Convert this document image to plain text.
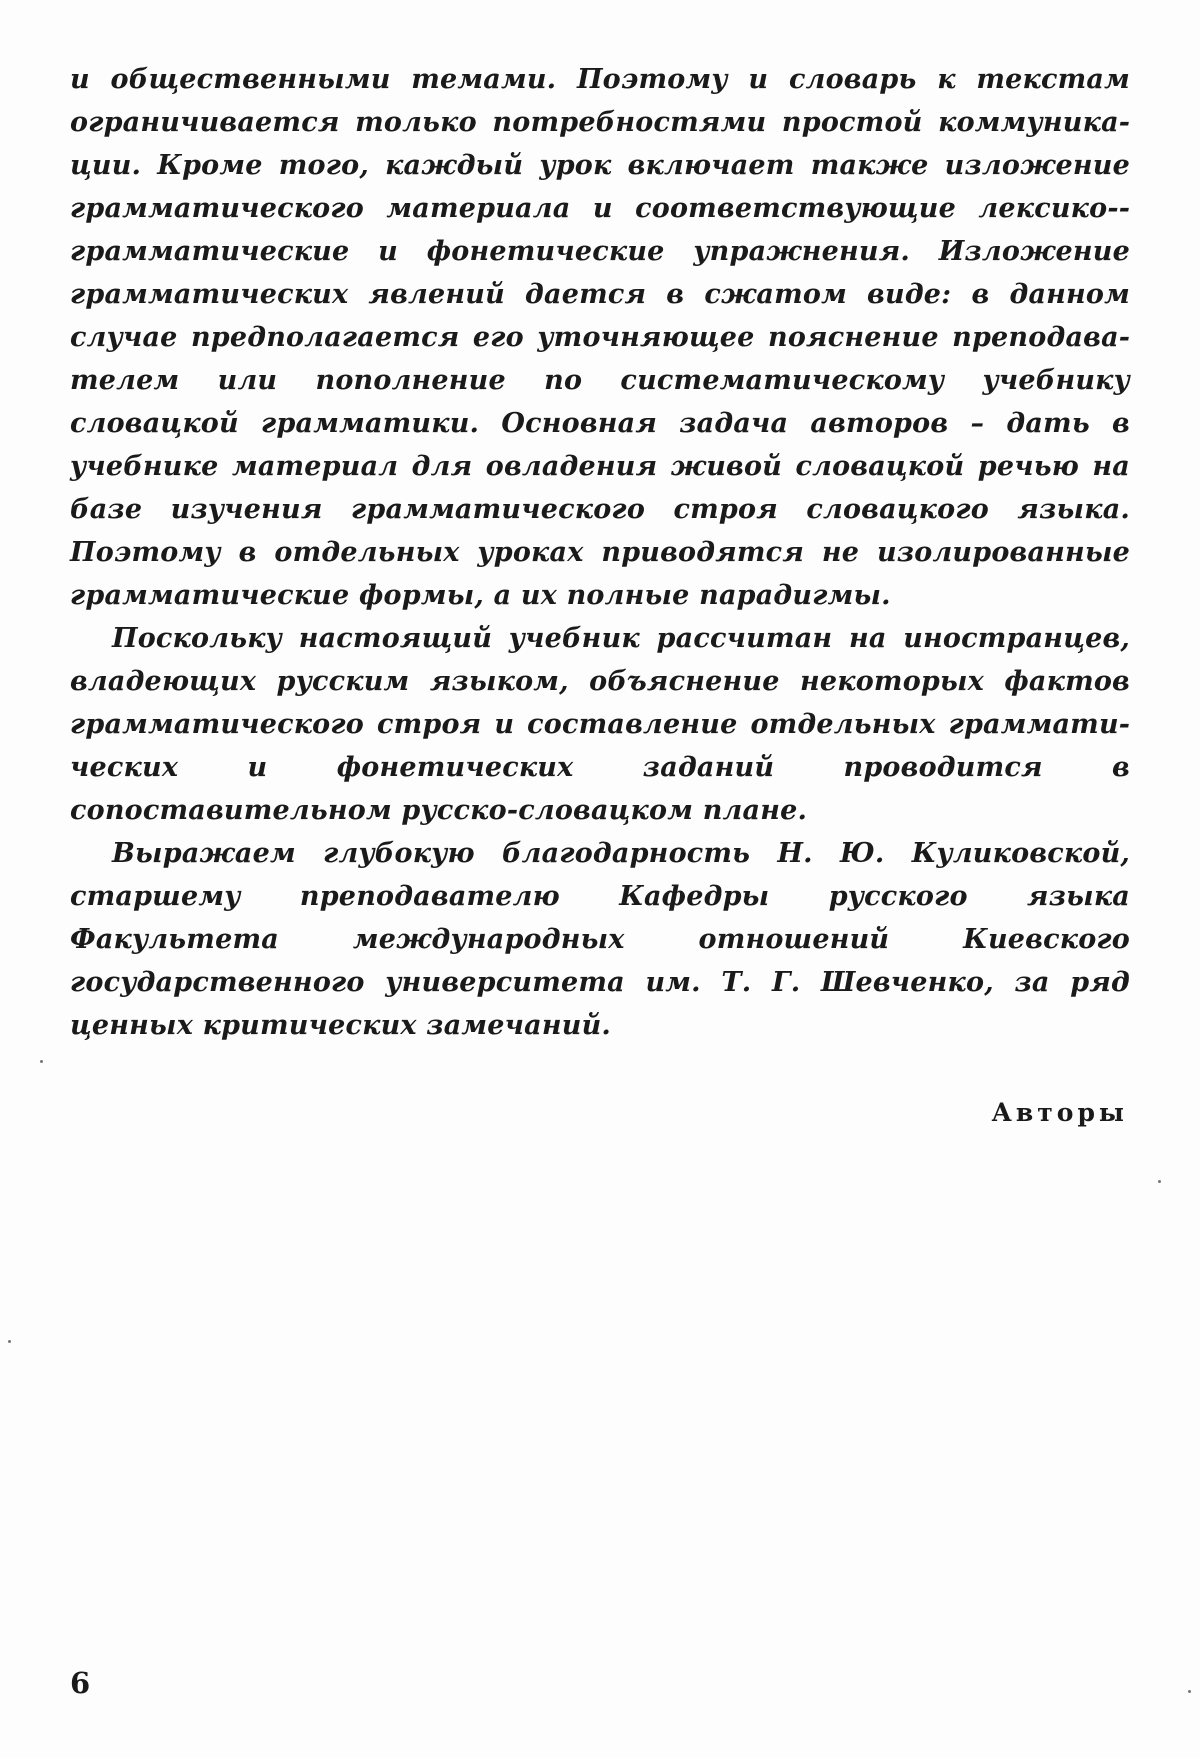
и общественными темами. Поэтому и словарь к текстам ограничивается только потребностями простой коммуникации. Кроме того, каждый урок включает также изложение грамматического материала и соответствующие лексико-грамматические и фонетические упражнения. Изложение грамматических явлений дается в сжатом виде: в данном случае предполагается его уточняющее пояснение преподавателем или пополнение по систематическому учебнику словацкой грамматики. Основная задача авторов – дать в учебнике материал для овладения живой словацкой речью на базе изучения грамматического строя словацкого языка. Поэтому в отдельных уроках приводятся не изолированные грамматические формы, а их полные парадигмы.

Поскольку настоящий учебник рассчитан на иностранцев, владеющих русским языком, объяснение некоторых фактов грамматического строя и составление отдельных грамматических и фонетических заданий проводится в сопоставительном русско-словацком плане.

Выражаем глубокую благодарность Н. Ю. Куликовской, старшему преподавателю Кафедры русского языка Факультета международных отношений Киевского государственного университета им. Т. Г. Шевченко, за ряд ценных критических замечаний.

Авторы
6
